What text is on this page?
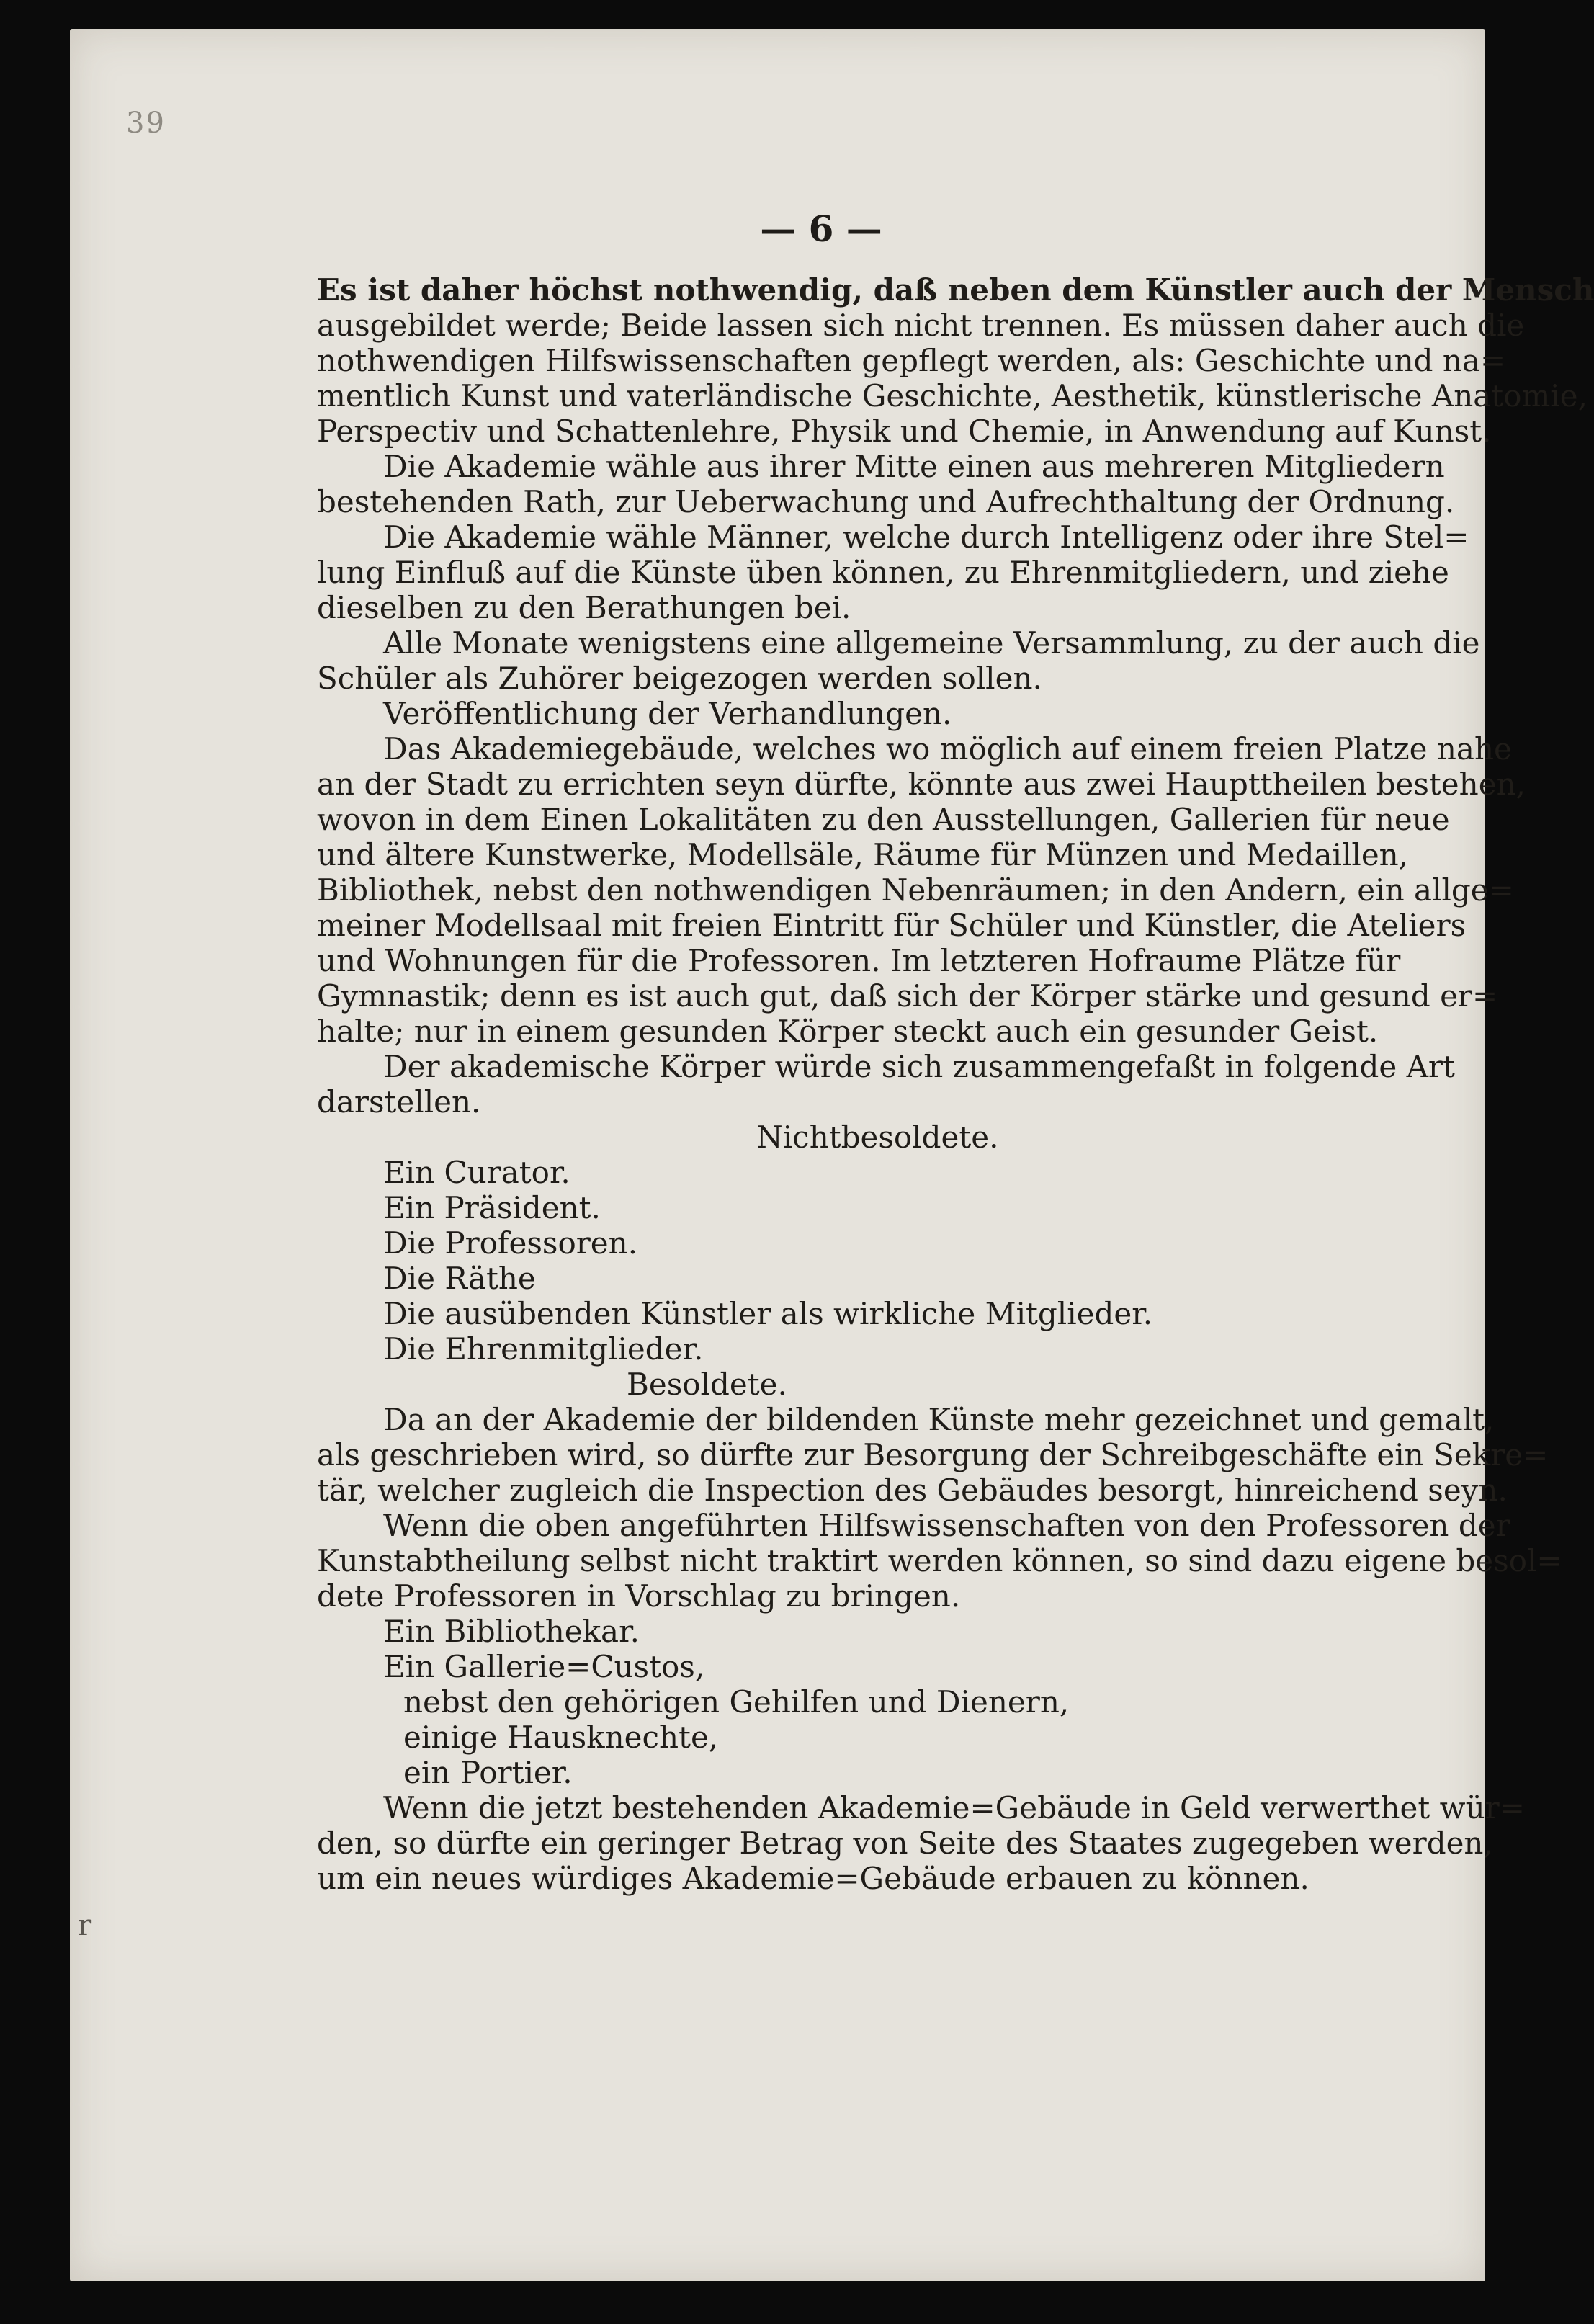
39
r
— 6 —
Es ist daher höchst nothwendig, daß neben dem Künstler auch der Mensch
ausgebildet werde; Beide lassen sich nicht trennen. Es müssen daher auch die
nothwendigen Hilfswissenschaften gepflegt werden, als: Geschichte und na=
mentlich Kunst und vaterländische Geschichte, Aesthetik, künstlerische Anatomie,
Perspectiv und Schattenlehre, Physik und Chemie, in Anwendung auf Kunst.
Die Akademie wähle aus ihrer Mitte einen aus mehreren Mitgliedern
bestehenden Rath, zur Ueberwachung und Aufrechthaltung der Ordnung.
Die Akademie wähle Männer, welche durch Intelligenz oder ihre Stel=
lung Einfluß auf die Künste üben können, zu Ehrenmitgliedern, und ziehe
dieselben zu den Berathungen bei.
Alle Monate wenigstens eine allgemeine Versammlung, zu der auch die
Schüler als Zuhörer beigezogen werden sollen.
Veröffentlichung der Verhandlungen.
Das Akademiegebäude, welches wo möglich auf einem freien Platze nahe
an der Stadt zu errichten seyn dürfte, könnte aus zwei Haupttheilen bestehen,
wovon in dem Einen Lokalitäten zu den Ausstellungen, Gallerien für neue
und ältere Kunstwerke, Modellsäle, Räume für Münzen und Medaillen,
Bibliothek, nebst den nothwendigen Nebenräumen; in den Andern, ein allge=
meiner Modellsaal mit freien Eintritt für Schüler und Künstler, die Ateliers
und Wohnungen für die Professoren. Im letzteren Hofraume Plätze für
Gymnastik; denn es ist auch gut, daß sich der Körper stärke und gesund er=
halte; nur in einem gesunden Körper steckt auch ein gesunder Geist.
Der akademische Körper würde sich zusammengefaßt in folgende Art
darstellen.
Nichtbesoldete.
Ein Curator.
Ein Präsident.
Die Professoren.
Die Räthe
Die ausübenden Künstler als wirkliche Mitglieder.
Die Ehrenmitglieder.
Besoldete.
Da an der Akademie der bildenden Künste mehr gezeichnet und gemalt,
als geschrieben wird, so dürfte zur Besorgung der Schreibgeschäfte ein Sekre=
tär, welcher zugleich die Inspection des Gebäudes besorgt, hinreichend seyn.
Wenn die oben angeführten Hilfswissenschaften von den Professoren der
Kunstabtheilung selbst nicht traktirt werden können, so sind dazu eigene besol=
dete Professoren in Vorschlag zu bringen.
Ein Bibliothekar.
Ein Gallerie=Custos,
nebst den gehörigen Gehilfen und Dienern,
einige Hausknechte,
ein Portier.
Wenn die jetzt bestehenden Akademie=Gebäude in Geld verwerthet wür=
den, so dürfte ein geringer Betrag von Seite des Staates zugegeben werden,
um ein neues würdiges Akademie=Gebäude erbauen zu können.
